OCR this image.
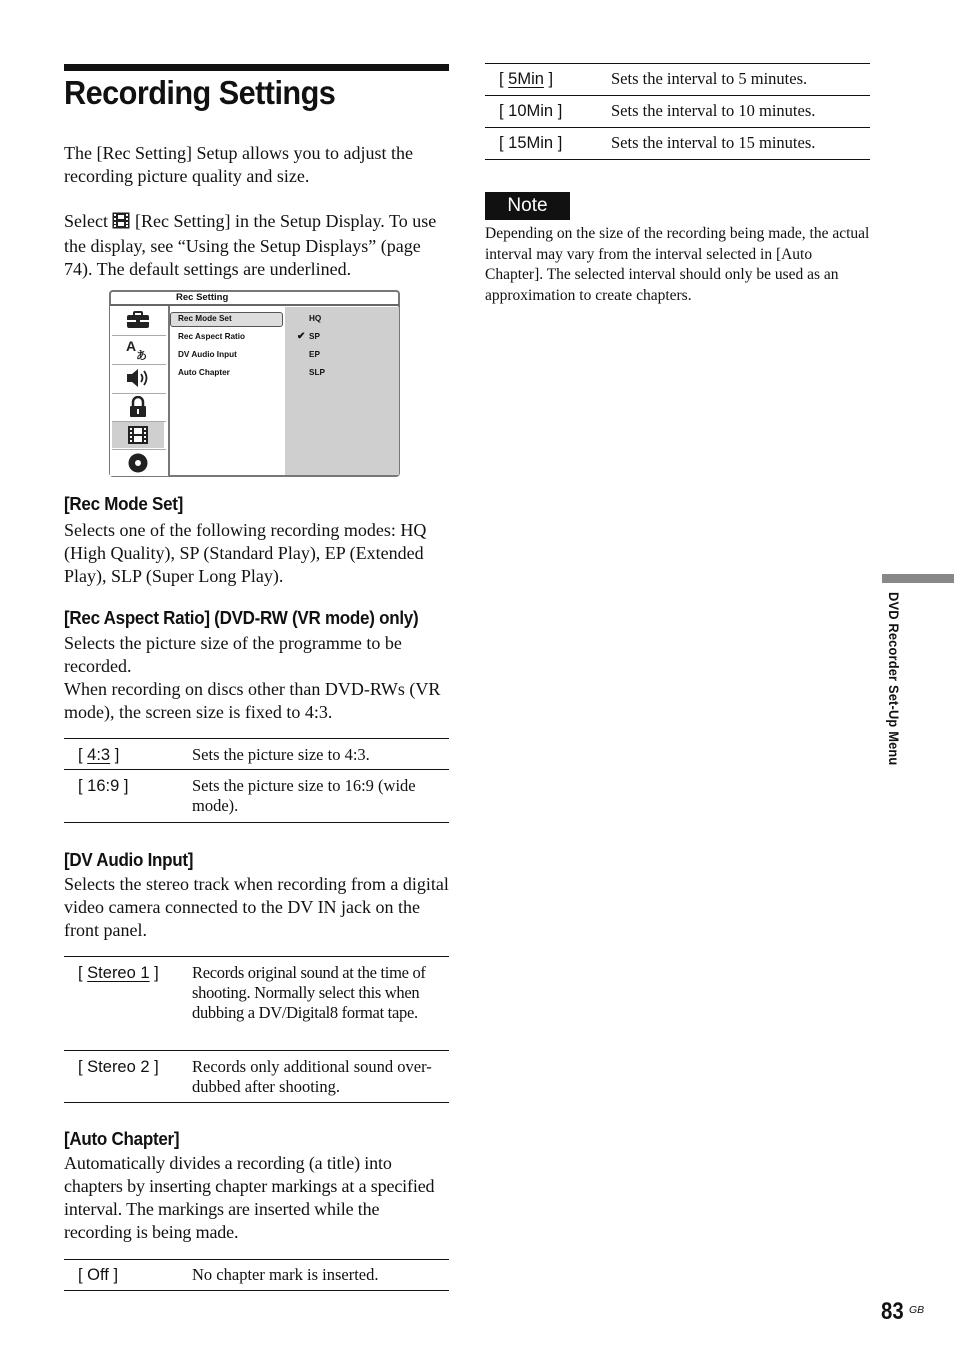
Recording Settings
The [Rec Setting] Setup allows you to adjust the recording picture quality and size.
Select [Rec Setting] in the Setup Display. To use the display, see “Using the Setup Displays” (page 74). The default settings are underlined.
Rec Setting
A
あ
Rec Mode Set
Rec Aspect Ratio
DV Audio Input
Auto Chapter
HQ
✔ SP
EP
SLP
[Rec Mode Set]
Selects one of the following recording modes: HQ (High Quality), SP (Standard Play), EP (Extended Play), SLP (Super Long Play).
[Rec Aspect Ratio] (DVD-RW (VR mode) only)
Selects the picture size of the programme to be recorded.
When recording on discs other than DVD-RWs (VR mode), the screen size is fixed to 4:3.
[ 4:3 ]	Sets the picture size to 4:3.
[ 16:9 ]	Sets the picture size to 16:9 (wide mode).
[DV Audio Input]
Selects the stereo track when recording from a digital video camera connected to the DV IN jack on the front panel.
[ Stereo 1 ]	Records original sound at the time of shooting. Normally select this when dubbing a DV/Digital8 format tape.
[ Stereo 2 ]	Records only additional sound over-dubbed after shooting.
[Auto Chapter]
Automatically divides a recording (a title) into chapters by inserting chapter markings at a specified interval. The markings are inserted while the recording is being made.
[ Off ]	No chapter mark is inserted.
[ 5Min ]	Sets the interval to 5 minutes.
[ 10Min ]	Sets the interval to 10 minutes.
[ 15Min ]	Sets the interval to 15 minutes.
Note
Depending on the size of the recording being made, the actual interval may vary from the interval selected in [Auto Chapter]. The selected interval should only be used as an approximation to create chapters.
DVD Recorder Set-Up Menu
83 GB
